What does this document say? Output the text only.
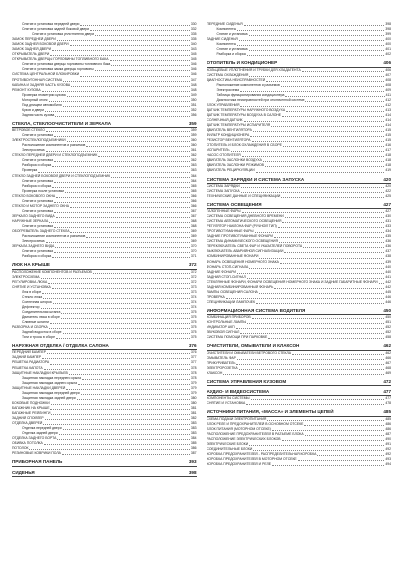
Снятие и установка передней двери	330
Снятие и установка задней боковой двери	332
Снятие и установка уплотнителя двери	335
ЗАМОК ПЕРЕДНЕЙ ДВЕРИ	335
ЗАМОК ЗАДНЕЙ БОКОВОЙ ДВЕРИ	340
ЗАМОК ЗАДНЕЙ ДВЕРИ	343
ОТКРЫВАТЕЛЬ ДВЕРИ	345
ОТКРЫВАТЕЛЬ ДВЕРЦЫ ГОРЛОВИНЫ ТОПЛИВНОГО БАКА	345
Снятие и установка дверцы горловины топливного бака	346
Снятие и установка замка дверцы горловины	346
СИСТЕМА ЦЕНТРАЛЬНОЙ БЛОКИРОВКИ	346
ПРОТИВОУГОННАЯ СИСТЕМА	347
КАБИНА И ЗАДНЯЯ ЧАСТЬ КУЗОВА	348
РЕМОНТ КУЗОВА	348
Проверка геометрии кузова	349
Моторный отсек	350
Под днищем автомобиля	351
Кузов и двери	352
Задняя часть кузова	356
СТЕКЛА, СТЕКЛООЧИСТИТЕЛИ И ЗЕРКАЛА	359
ВЕТРОВОЕ СТЕКЛО	359
Снятие и установка	359
ЭЛЕКТРОСТЕКЛОПОДЪЕМНИКИ	360
Расположение компонентов и разъемов	360
Электросхема	361
СТЕКЛО ПЕРЕДНЕЙ ДВЕРИ И СТЕКЛОПОДЪЕМНИК	362
Снятие и установка	362
Разборка и сборка	363
Проверка	363
СТЕКЛО ЗАДНЕЙ БОКОВОЙ ДВЕРИ И СТЕКЛОПОДЪЕМНИК	364
Снятие и установка	364
Разборка и сборка	365
Проверка после установки	365
СТЕКЛО БОКОВОГО ОКНА	366
Снятие и установка	366
СТЕКЛО И МОТОР ЗАДНЕГО ОКНА	366
Снятие и установка	367
ЗЕРКАЛО ЗАДНЕГО ВИДА	367
НАРУЖНЫЕ ЗЕРКАЛА	368
Снятие и установка	368
ОБОГРЕВАТЕЛЬ ЗАДНЕГО СТЕКЛА	369
Расположение компонентов и разъемов	369
Электросхема	369
ЗЕРКАЛА ЗАДНЕГО ВИДА	370
Снятие и установка	370
Разборка и сборка	371
ЛЮК НА КРЫШЕ	372
РАСПОЛОЖЕНИЕ КОМПОНЕНТОВ И РАЗЪЕМОВ	372
ЭЛЕКТРОСХЕМА	372
РЕГУЛИРОВКА ЛЮКА	372
СНЯТИЕ И УСТАНОВКА	373
Люк в сборе	373
Стекло люка	374
Солнечная шторка	374
Дефлектор	374
Соединительная штанга	375
Двигатель люка в сборе	375
Сливные шланги	375
РАЗБОРКА И СБОРКА	375
Задний водосток в сборе	375
Тяги и тросы в сборе	375
НАРУЖНАЯ ОТДЕЛКА / ОТДЕЛКА САЛОНА	376
ПЕРЕДНИЙ БАМПЕР	376
ЗАДНИЙ БАМПЕР	377
РЕШЕТКА РАДИАТОРА	377
РЕШЕТКА КАПОТА	378
ЗАЩИТНЫЕ НАКЛАДКИ КРЫЛЬЕВ	378
Защитная накладка переднего крыла	378
Защитная накладка заднего крыла	379
ЗАЩИТНЫЕ НАКЛАДКИ ДВЕРЕЙ	379
Защитная накладка передней двери	379
Защитная накладка задней двери	380
БОКОВЫЕ ПОДНОЖКИ	380
БАГАЖНИК НА КРЫШЕ	381
БАГАЖНЫЕ РЕЙЛИНГИ	381
ЗАДНИЙ СПОЙЛЕР	382
ОТДЕЛКА ДВЕРЕЙ	383
Отделка передней двери	383
Отделка задней двери	383
ОТДЕЛКА ЗАДНЕГО БОРТА	384
ОБИВКА ПОТОЛКА	385
ПОТОЛОК	386
РЕЗИНОВЫЕ КОВРИКИ ПОЛА	387
ПРИБОРНАЯ ПАНЕЛЬ	393
СИДЕНЬЯ	398
ПЕРЕДНИЕ СИДЕНЬЯ	398
Компоненты	398
Снятие и установка	399
ЗАДНИЕ СИДЕНЬЯ	400
Компоненты	400
Снятие и установка	401
Разборка и сборка	402
ОТОПИТЕЛЬ И КОНДИЦИОНЕР	406
КОЛЬЦЕВЫЕ УПЛОТНЕНИЯ И ТРУБКИ ДЛЯ ХЛАДАГЕНТА	406
СИСТЕМА ОХЛАЖДЕНИЯ	407
ДИАГНОСТИКА НЕИСПРАВНОСТЕЙ	408
Расположение компонентов и разъемов	408
Электросхема	409
Таблица функционирования кондиционера	411
Диагностика неисправностей при отключенной системе	412
БЛОК УПРАВЛЕНИЯ	412
ДАТЧИК ТЕМПЕРАТУРЫ НАРУЖНОГО ВОЗДУХА	413
ДАТЧИК ТЕМПЕРАТУРЫ ВОЗДУХА В САЛОНЕ	414
СОЛНЕЧНЫЙ ДАТЧИК	414
ДАТЧИК ТЕМПЕРАТУРЫ ИСПАРИТЕЛЯ	414
ДВИГАТЕЛЬ ВЕНТИЛЯТОРА	415
ФИЛЬТР КОНДИЦИОНЕРА	415
РЕЗИСТОР ВЕНТИЛЯТОРА	415
ОТОПИТЕЛЬ И БЛОК ОХЛАЖДЕНИЯ В СБОРЕ	416
ИСПАРИТЕЛЬ	417
НАСОС ОТОПИТЕЛЯ	418
ДВИГАТЕЛЬ ЗАСЛОНКИ ВОЗДУХА	418
ДВИГАТЕЛЬ ЗАСЛОНКИ РЕЖИМОВ	418
ДВИГАТЕЛЬ РЕЦИРКУЛЯЦИИ	419
СИСТЕМА ЗАРЯДКИ И СИСТЕМА ЗАПУСКА	420
СИСТЕМА ЗАРЯДКИ	420
СИСТЕМА ЗАПУСКА	422
ТЕХНИЧЕСКИЕ ДАННЫЕ И СПЕЦИФИКАЦИИ	425
СИСТЕМА ОСВЕЩЕНИЯ	427
ГАЛОГЕННЫЕ ФАРЫ	427
СИСТЕМА ОСВЕЩЕНИЯ ДНЕВНОГО ВРЕМЕНИ	430
СИСТЕМА АВТОМАТИЧЕСКОГО ОСВЕЩЕНИЯ	431
РЕГУЛЯТОР НАКЛОНА ФАР (РУЧНОЙ ТИП)	433
ПРОТИВОТУМАННЫЕ ФАРЫ	434
ЗАДНИЕ ПРОТИВОТУМАННЫЕ ФОНАРИ	435
СИСТЕМА ДИНАМИЧЕСКОГО ОСВЕЩЕНИЯ	436
ПЕРЕКЛЮЧАТЕЛЬ СВЕТА ФАР И УКАЗАТЕЛЕЙ ПОВОРОТА	436
ВЫКЛЮЧАТЕЛЬ АВАРИЙНОЙ СИГНАЛИЗАЦИИ	437
КОМБИНИРОВАННЫЕ ФОНАРИ	438
ФОНАРЬ ОСВЕЩЕНИЯ НОМЕРНОГО ЗНАКА	439
ФОНАРЬ СТОП-СИГНАЛА	440
ЗАДНИЕ ФОНАРИ	440
ЗАДНИЙ СТОП-СИГНАЛ	441
СТЕКЛЯННЫЕ ФОНАРИ, ФОНАРИ ОСВЕЩЕНИЯ НОМЕРНОГО ЗНАКА И ЗАДНИЕ ГАБАРИТНЫЕ ФОНАРИ 442
ЗАДНИЙ КОМБИНИРОВАННЫЙ ФОНАРЬ	442
ЛАМПЫ ОСВЕЩЕНИЯ САЛОНА	445
ПРОВЕРКА	446
СПЕЦИФИКАЦИИ ЛАМПОЧЕК	446
ИНФОРМАЦИОННАЯ СИСТЕМА ВОДИТЕЛЯ	450
КОМБИНАЦИЯ ПРИБОРОВ	450
КОНТРОЛЬНЫЕ ЛАМПЫ	451
ИНДИКАТОР АКП	452
ЗВУКОВОЙ СИГНАЛ	452
СИСТЕМА ПОМОЩИ ПРИ ПАРКОВКЕ	458
ОЧИСТИТЕЛИ, ОМЫВАТЕЛИ И КЛАКСОН	462
ОЧИСТИТЕЛИ И ОМЫВАТЕЛИ ВЕТРОВОГО СТЕКЛА	462
ОМЫВАТЕЛЬ ФАР	466
ПРИКУРИВАТЕЛЬ	467
ЭЛЕКТРОРОЗЕТКА	468
КЛАКСОН	469
СИСТЕМА УПРАВЛЕНИЯ КУЗОВОМ	472
АУДИО- И ВИДЕОСИСТЕМА	477
КОМПОНЕНТЫ СИСТЕМЫ	477
СНЯТИЕ И УСТАНОВКА	478
ИСТОЧНИКИ ПИТАНИЯ, «МАССА» И ЭЛЕМЕНТЫ ЦЕПЕЙ	485
СХЕМА ПОДАЧИ ЭЛЕКТРОПИТАНИЯ	485
БЛОК РЕЛЕ И ПРЕДОХРАНИТЕЛЕЙ В ОСНОВНОМ ОТСЕКЕ	486
БЛОК ПИТАНИЯ (МОТОРНОМ ОТСЕКЕ)	486
РАСПОЛОЖЕНИЕ ПРЕДОХРАНИТЕЛЕЙ В РАЗЪЕМЕ БЛОКА	487
РАСПОЛОЖЕНИЕ ЭЛЕКТРИЧЕСКИХ БЛОКОВ	490
ЭЛЕКТРИЧЕСКИЕ БЛОКИ	491
СОЕДИНИТЕЛЬНЫЕ БЛОКИ	492
КОРОБКА ПРЕДОХРАНИТЕЛЕЙ - РАСПРЕДЕЛИТЕЛЬНАЯ КОРОБКА	492
КОРОБКА ПРЕДОХРАНИТЕЛЕЙ В МОТОРНОМ ОТСЕКЕ	493
КОРОБКА ПРЕДОХРАНИТЕЛЕЙ И РЕЛЕ	494
